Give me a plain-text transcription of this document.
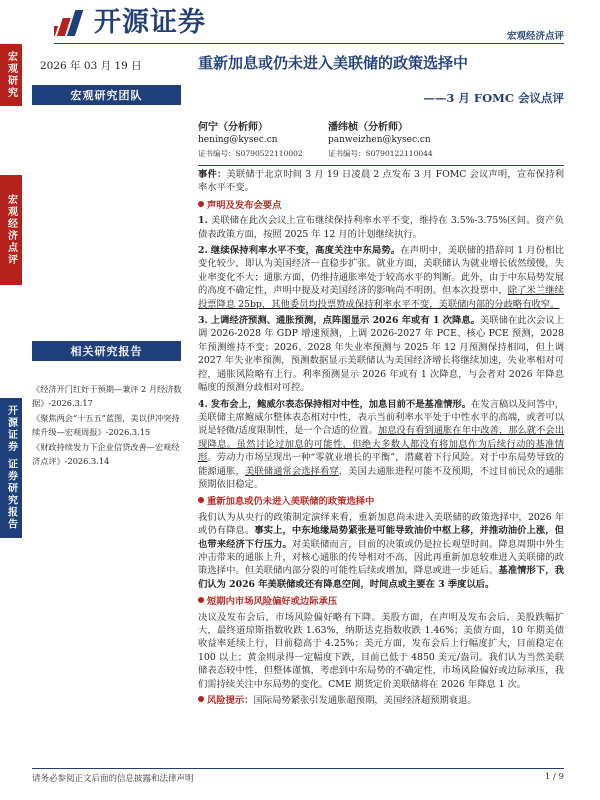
开源证券	宏观经济点评
宏观研究
宏观经济点评
开源证券 证券研究报告
2026 年 03 月 19 日
宏观研究团队
相关研究报告
《经济开门红好于预期—兼评 2 月经济数据》-2026.3.17
《聚焦两会“十五五”蓝图，美以伊冲突持续升级—宏观周报》-2026.3.15
《财政持续发力下企业信贷改善—宏观经济点评》-2026.3.14
重新加息或仍未进入美联储的政策选择中
——3 月 FOMC 会议点评
何宁（分析师）
hening@kysec.cn
证书编号：S0790522110002
潘纬桢（分析师）
panweizhen@kysec.cn
证书编号：S0790122110044

事件：美联储于北京时间 3 月 19 日凌晨 2 点发布 3 月 FOMC 会议声明，宣布保持利率水平不变。

声明及发布会要点

1. 美联储在此次会议上宣布继续保持利率水平不变，维持在 3.5%-3.75%区间。资产负债表政策方面，按照 2025 年 12 月的计划继续执行。

2. 继续保持利率水平不变，高度关注中东局势。在声明中，美联储的措辞同 1 月份相比变化较少，即认为美国经济一直稳步扩张。就业方面，美联储认为就业增长依然缓慢，失业率变化不大；通胀方面，仍维持通胀率处于较高水平的判断。此外，由于中东局势发展的高度不确定性，声明中提及对美国经济的影响尚不明朗。但本次投票中，除了米兰继续投票降息 25bp，其他委员均投票赞成保持利率水平不变，美联储内部的分歧略有收窄。

3. 上调经济预测、通胀预测，点阵图显示 2026 年或有 1 次降息。美联储在此次会议上调 2026-2028 年 GDP 增速预测，上调 2026-2027 年 PCE、核心 PCE 预测，2028 年预测维持不变；2026、2028 年失业率预测与 2025 年 12 月预测保持相同，但上调 2027 年失业率预测，预测数据显示美联储认为美国经济增长将继续加速，失业率相对可控，通胀风险略有上行。利率预测显示 2026 年或有 1 次降息，与会者对 2026 年降息幅度的预测分歧相对可控。

4. 发布会上，鲍威尔表态保持相对中性，加息目前不是基准情形。在发言稿以及问答中，美联储主席鲍威尔整体表态相对中性，表示当前利率水平处于中性水平的高端，或者可以说是轻微/适度限制性，是一个合适的位置。加息没有看到通胀在年中改善，那么就不会出现降息。虽然讨论过加息的可能性，但绝大多数人都没有将加息作为后续行动的基准情形。劳动力市场呈现出一种“零就业增长的平衡”，潜藏着下行风险。对于中东局势导致的能源通胀，美联储通常会选择看穿，美国去通胀进程可能不及预期，不过目前民众的通胀预期依旧稳定。

重新加息或仍未进入美联储的政策选择中

我们认为从央行的政策制定演绎来看，重新加息尚未进入美联储的政策选择中，2026 年或仍有降息。事实上，中东地缘局势紧张是可能导致油价中枢上移，并推动油价上涨，但也带来经济下行压力。对美联储而言，目前的决策或仍是拉长观望时间。降息周期中外生冲击带来的通胀上升，对核心通胀的传导相对不高，因此再重新加息较难进入美联储的政策选择中。但美联储内部分裂的可能性后续或增加，降息或进一步延后。基准情形下，我们认为 2026 年美联储或还有降息空间，时间点或主要在 3 季度以后。

短期内市场风险偏好或边际承压

决议及发布会后，市场风险偏好略有下降。美股方面，在声明及发布会后，美股跌幅扩大，最终道琼斯指数收跌 1.63%，纳斯达克指数收跌 1.46%；美债方面，10 年期美债收益率延续上行，目前稳高于 4.25%；美元方面，发布会后上行幅度扩大，目前稳定在 100 以上；黄金则录得一定幅度下跌，目前已低于 4850 美元/盎司。我们认为当然美联储表态较中性，但整体谨慎，考虑到中东局势的不确定性，市场风险偏好或边际承压，我们需持续关注中东局势的变化。CME 期货定价美联储将在 2026 年降息 1 次。

风险提示：国际局势紧张引发通胀超预期，美国经济超预期衰退。

请务必参阅正文后面的信息披露和法律声明	1 / 9
